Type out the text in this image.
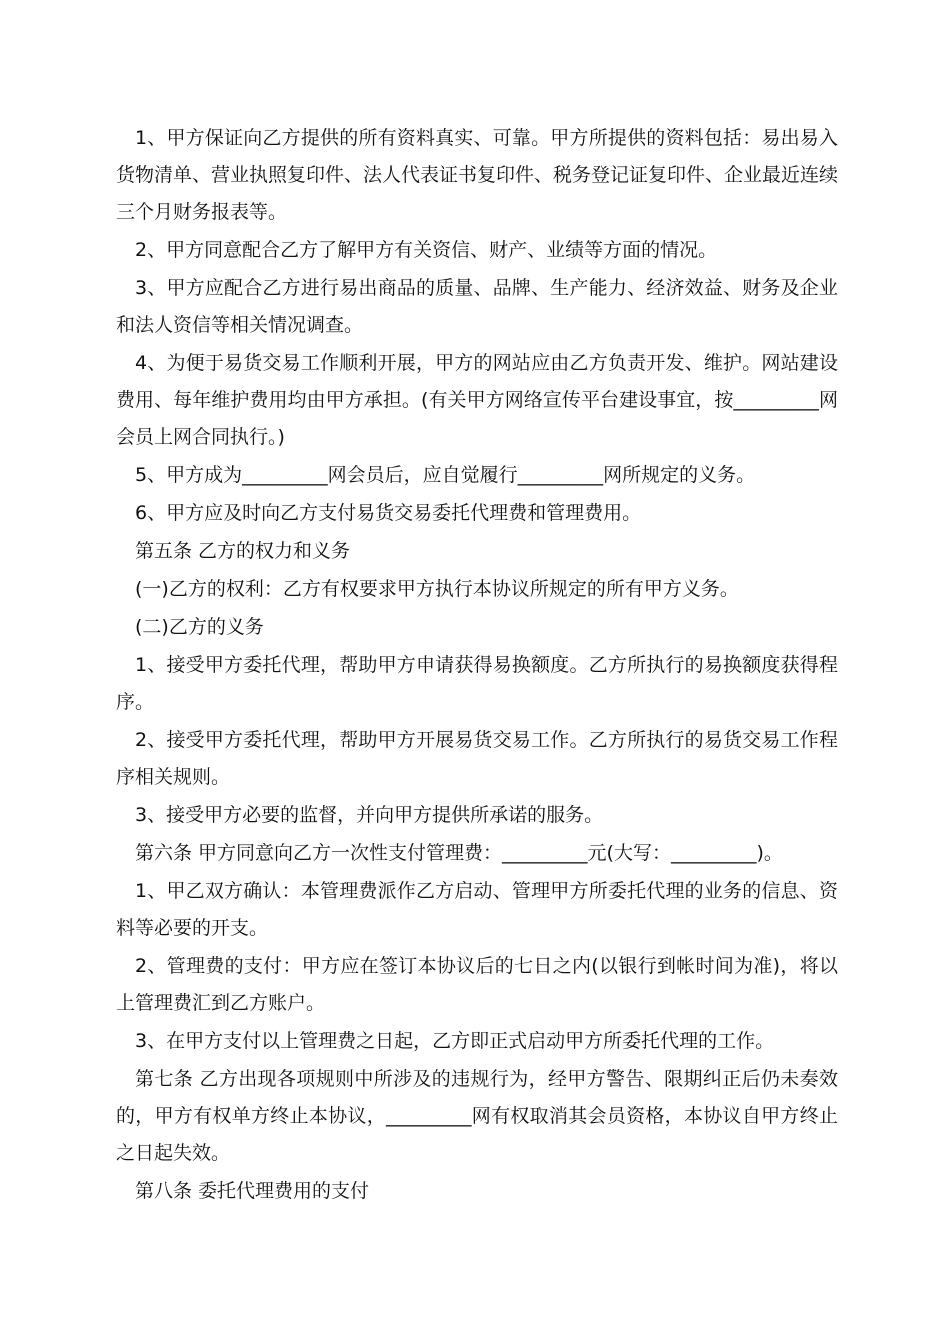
1、甲方保证向乙方提供的所有资料真实、可靠。甲方所提供的资料包括：易出易入货物清单、营业执照复印件、法人代表证书复印件、税务登记证复印件、企业最近连续三个月财务报表等。

2、甲方同意配合乙方了解甲方有关资信、财产、业绩等方面的情况。

3、甲方应配合乙方进行易出商品的质量、品牌、生产能力、经济效益、财务及企业和法人资信等相关情况调查。

4、为便于易货交易工作顺利开展，甲方的网站应由乙方负责开发、维护。网站建设费用、每年维护费用均由甲方承担。(有关甲方网络宣传平台建设事宜，按_________网会员上网合同执行。)

5、甲方成为_________网会员后，应自觉履行_________网所规定的义务。

6、甲方应及时向乙方支付易货交易委托代理费和管理费用。

第五条 乙方的权力和义务

(一)乙方的权利：乙方有权要求甲方执行本协议所规定的所有甲方义务。

(二)乙方的义务

1、接受甲方委托代理，帮助甲方申请获得易换额度。乙方所执行的易换额度获得程序。

2、接受甲方委托代理，帮助甲方开展易货交易工作。乙方所执行的易货交易工作程序相关规则。

3、接受甲方必要的监督，并向甲方提供所承诺的服务。

第六条 甲方同意向乙方一次性支付管理费：_________元(大写：_________)。

1、甲乙双方确认：本管理费派作乙方启动、管理甲方所委托代理的业务的信息、资料等必要的开支。

2、管理费的支付：甲方应在签订本协议后的七日之内(以银行到帐时间为准)，将以上管理费汇到乙方账户。

3、在甲方支付以上管理费之日起，乙方即正式启动甲方所委托代理的工作。

第七条 乙方出现各项规则中所涉及的违规行为，经甲方警告、限期纠正后仍未奏效的，甲方有权单方终止本协议，_________网有权取消其会员资格，本协议自甲方终止之日起失效。

第八条 委托代理费用的支付
